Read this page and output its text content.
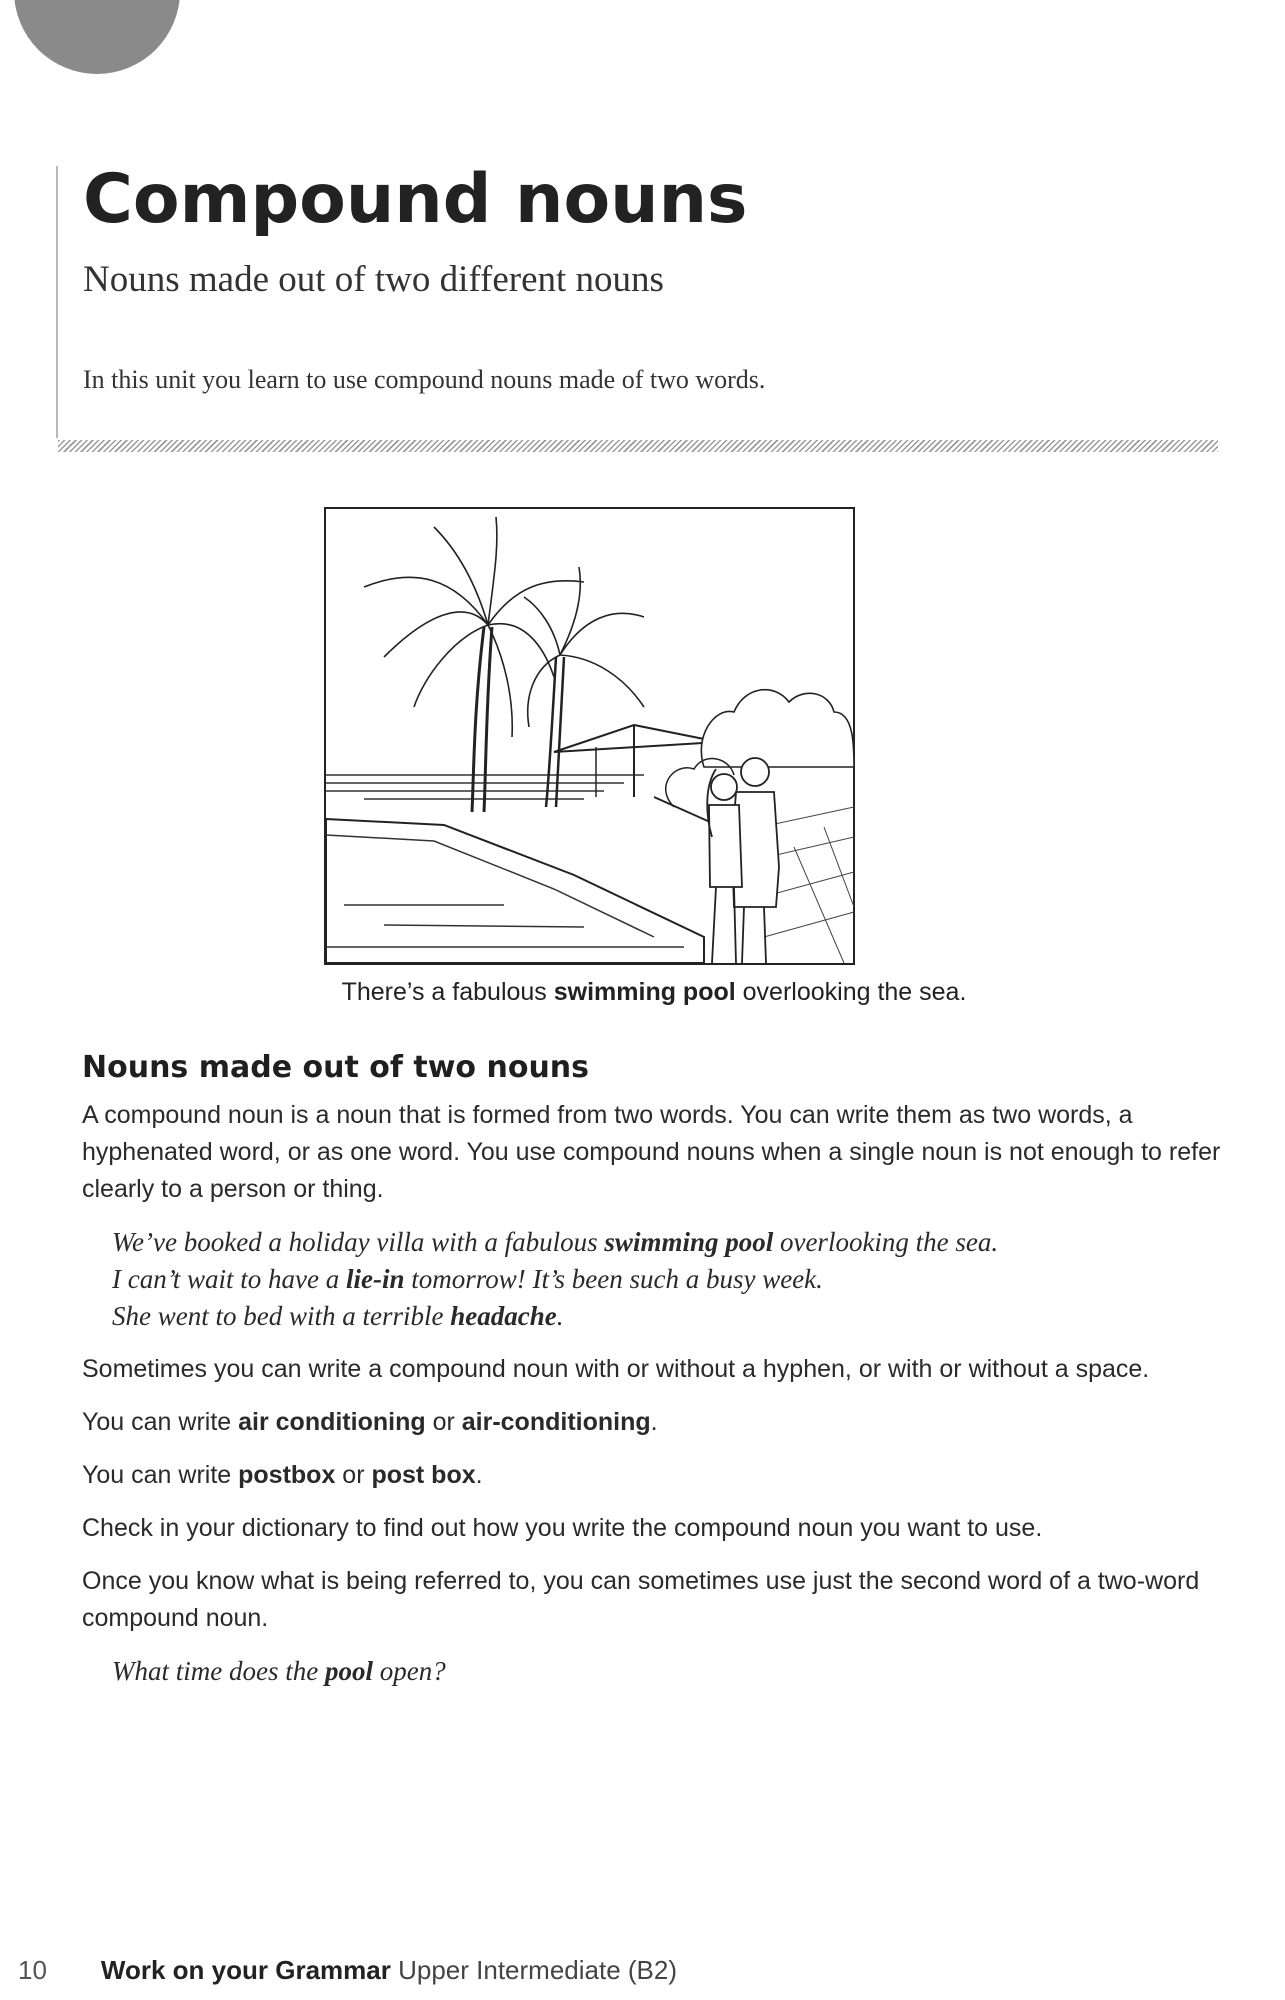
Compound nouns
Nouns made out of two different nouns
In this unit you learn to use compound nouns made of two words.
There’s a fabulous swimming pool overlooking the sea.
Nouns made out of two nouns

A compound noun is a noun that is formed from two words. You can write them as two words, a hyphenated word, or as one word. You use compound nouns when a single noun is not enough to refer clearly to a person or thing.

We’ve booked a holiday villa with a fabulous swimming pool overlooking the sea.

I can’t wait to have a lie-in tomorrow! It’s been such a busy week.

She went to bed with a terrible headache.

Sometimes you can write a compound noun with or without a hyphen, or with or without a space.

You can write air conditioning or air-conditioning.

You can write postbox or post box.

Check in your dictionary to find out how you write the compound noun you want to use.

Once you know what is being referred to, you can sometimes use just the second word of a two-word compound noun.

What time does the pool open?

10 Work on your Grammar Upper Intermediate (B2)
